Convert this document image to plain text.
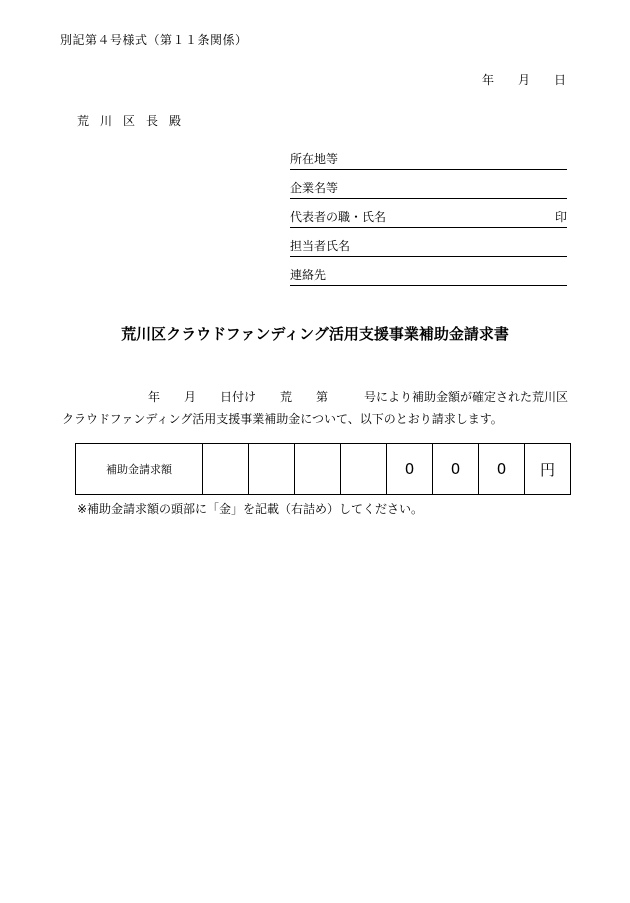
別記第４号様式（第１１条関係）
年　　月　　日
荒川区長殿
所在地等
企業名等
代表者の職・氏名	印
担当者氏名
連絡先
荒川区クラウドファンディング活用支援事業補助金請求書
年　　月　　日付け　　荒　　第　　　号により補助金額が確定された荒川区
クラウドファンディング活用支援事業補助金について、以下のとおり請求します。
補助金請求額					0	0	0	円
※補助金請求額の頭部に「金」を記載（右詰め）してください。
